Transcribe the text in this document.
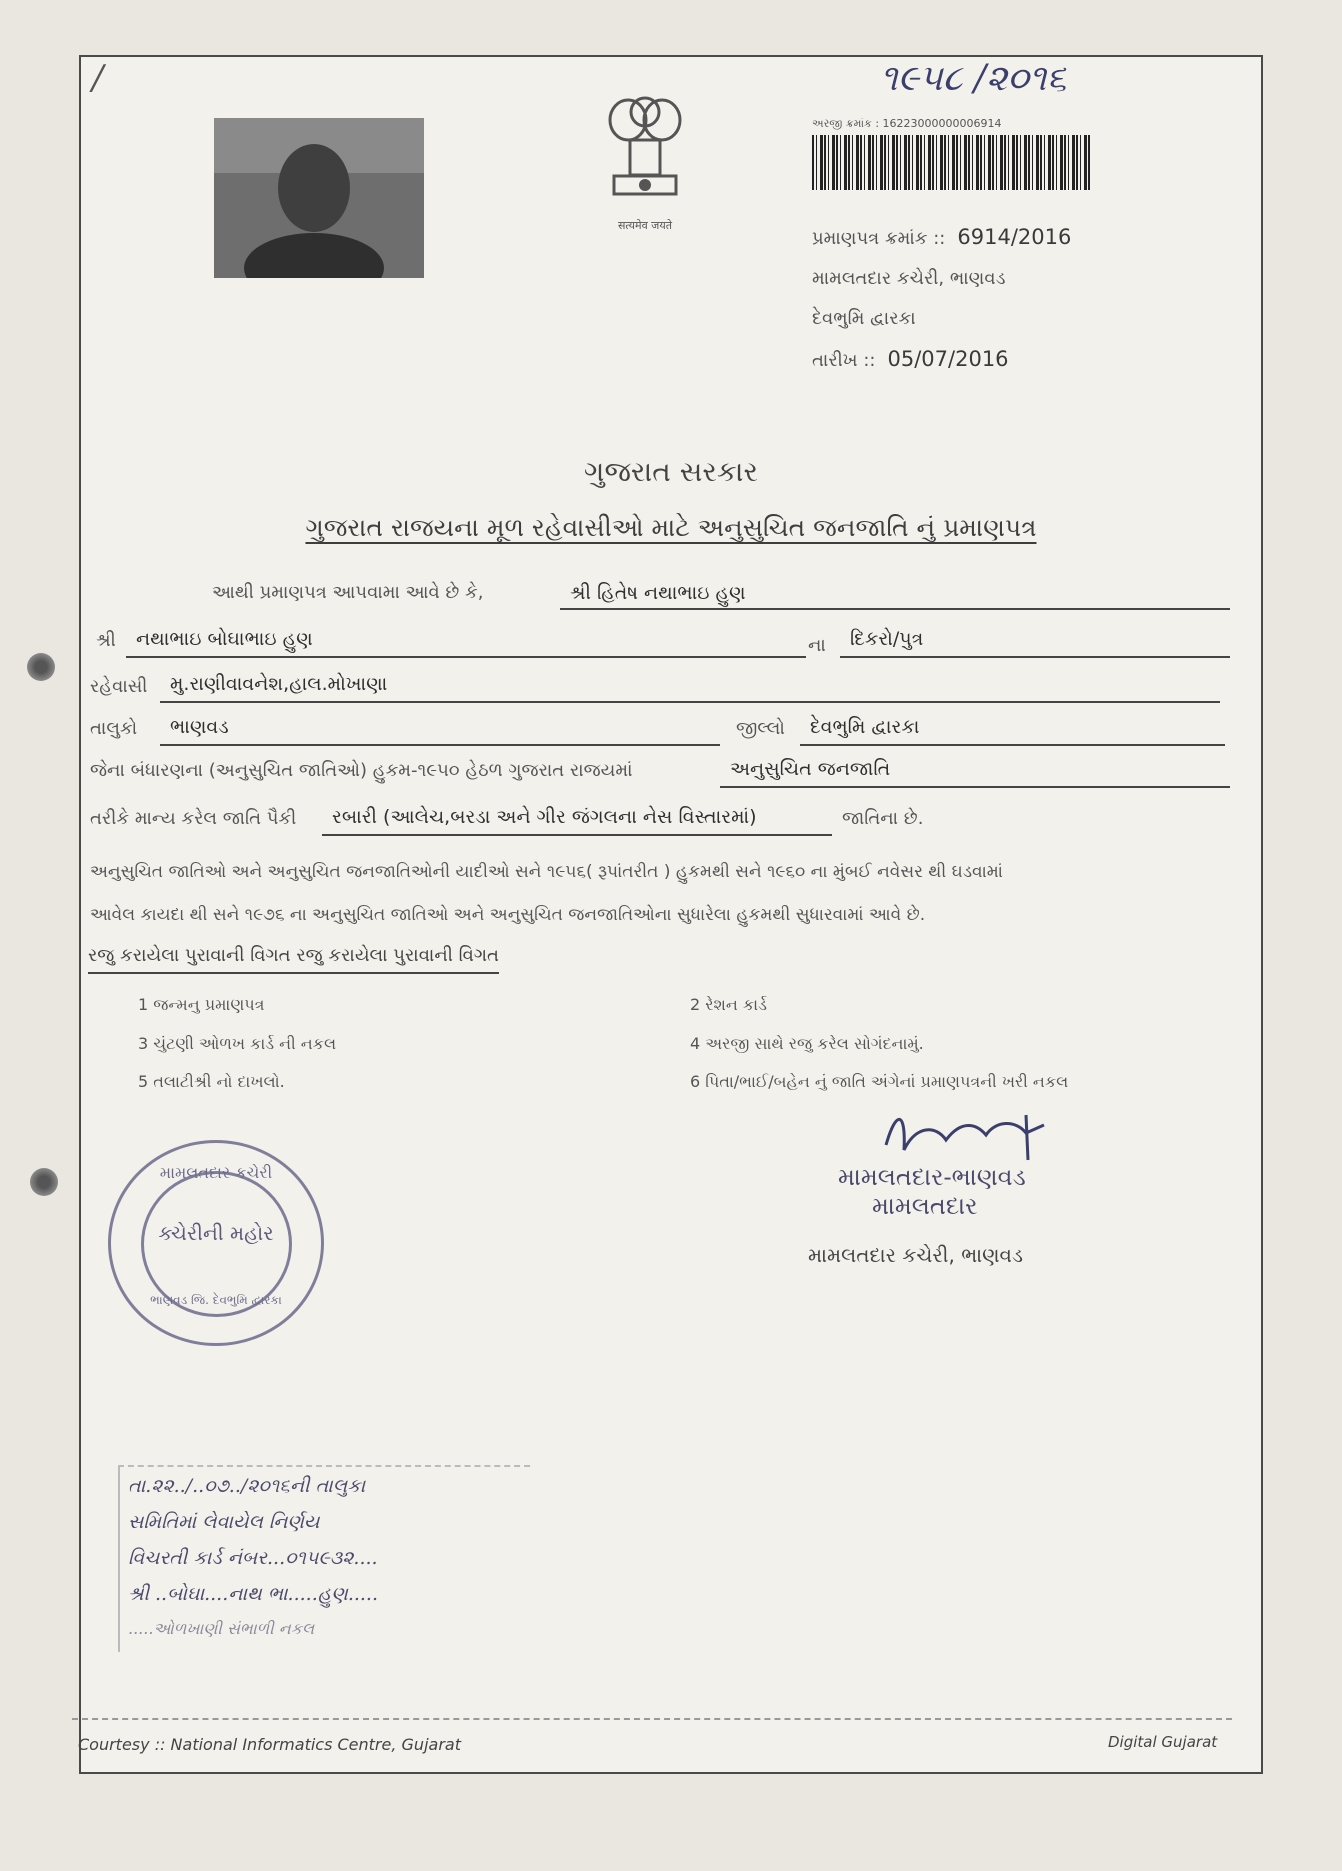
/	૧૯૫૮ /૨૦૧૬
सत्यमेव जयते
અરજી ક્રમાંક : 16223000000006914
પ્રમાણપત્ર ક્રમાંક :: 6914/2016
મામલતદાર કચેરી, ભાણવડ
દેવભુમિ દ્વારકા
તારીખ :: 05/07/2016
ગુજરાત સરકાર
ગુજરાત રાજયના મૂળ રહેવાસીઓ માટે અનુસુચિત જનજાતિ નું પ્રમાણપત્ર
આથી પ્રમાણપત્ર આપવામા આવે છે કે,	શ્રી હિતેષ નથાભાઇ હુણ
શ્રી	નથાભાઇ બોઘાભાઇ હુણ	ના	દિકરો/પુત્ર
રહેવાસી	મુ.રાણીવાવનેશ,હાલ.મોખાણા
તાલુકો	ભાણવડ	જીલ્લો	દેવભુમિ દ્વારકા
જેના બંધારણના (અનુસુચિત જાતિઓ) હુકમ-૧૯૫૦ હેઠળ ગુજરાત રાજયમાં	અનુસુચિત જનજાતિ
તરીકે માન્ય કરેલ જાતિ પૈકી	રબારી (આલેચ,બરડા અને ગીર જંગલના નેસ વિસ્તારમાં)	જાતિના છે.
અનુસુચિત જાતિઓ અને અનુસુચિત જનજાતિઓની યાદીઓ સને ૧૯૫૬( રૂપાંતરીત ) હુકમથી સને ૧૯૬૦ ના મુંબઈ નવેસર થી ઘડવામાં
આવેલ કાયદા થી સને ૧૯૭૬ ના અનુસુચિત જાતિઓ અને અનુસુચિત જનજાતિઓના સુધારેલા હુકમથી સુધારવામાં આવે છે.
રજુ કરાયેલા પુરાવાની વિગત રજુ કરાયેલા પુરાવાની વિગત
1 જન્મનુ પ્રમાણપત્ર	2 રેશન કાર્ડ
3 ચુંટણી ઓળખ કાર્ડ ની નકલ	4 અરજી સાથે રજુ કરેલ સોગંદનામું.
5 તલાટીશ્રી નો દાખલો.	6 પિતા/ભાઈ/બહેન નું જાતિ અંગેનાં પ્રમાણપત્રની ખરી નકલ
મામલતદાર-ભાણવડ
મામલતદાર
મામલતદાર કચેરી, ભાણવડ
મામલતદાર કચેરી
ક્ચેરીની મહોર
ભાણવડ જિ. દેવભુમિ દ્વારકા
તા.૨૨../..૦૭../૨૦૧૬ની તાલુકા
સમિતિમાં લેવાયેલ નિર્ણય
વિચરતી કાર્ડ નંબર...૦૧૫૯૩૨....
શ્રી ..બોઘા....નાથ ભા.....હુણ.....
.....ઓળખાણી સંભાળી નકલ
Courtesy :: National Informatics Centre, Gujarat	Digital Gujarat
